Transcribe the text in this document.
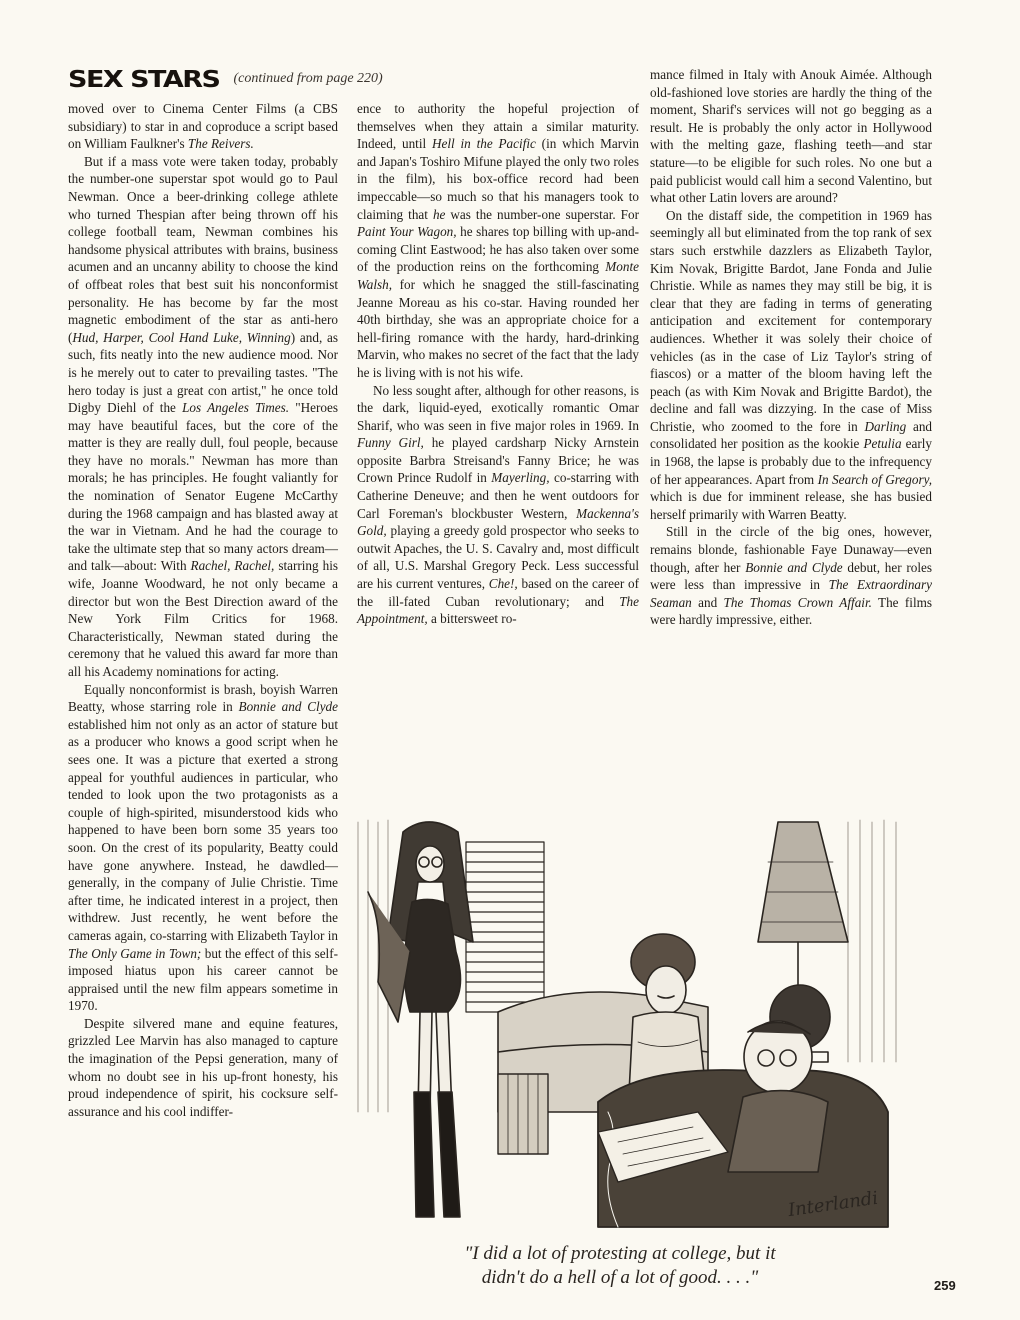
SEX STARS (continued from page 220)

moved over to Cinema Center Films (a CBS subsidiary) to star in and coproduce a script based on William Faulkner's The Reivers.

But if a mass vote were taken today, probably the number-one superstar spot would go to Paul Newman. Once a beer-drinking college athlete who turned Thespian after being thrown off his college football team, Newman combines his handsome physical attributes with brains, business acumen and an uncanny ability to choose the kind of offbeat roles that best suit his nonconformist personality. He has become by far the most magnetic embodiment of the star as anti-hero (Hud, Harper, Cool Hand Luke, Winning) and, as such, fits neatly into the new audience mood. Nor is he merely out to cater to prevailing tastes. "The hero today is just a great con artist," he once told Digby Diehl of the Los Angeles Times. "Heroes may have beautiful faces, but the core of the matter is they are really dull, foul people, because they have no morals." Newman has more than morals; he has principles. He fought valiantly for the nomination of Senator Eugene McCarthy during the 1968 campaign and has blasted away at the war in Vietnam. And he had the courage to take the ultimate step that so many actors dream—and talk—about: With Rachel, Rachel, starring his wife, Joanne Woodward, he not only became a director but won the Best Direction award of the New York Film Critics for 1968. Characteristically, Newman stated during the ceremony that he valued this award far more than all his Academy nominations for acting.

Equally nonconformist is brash, boyish Warren Beatty, whose starring role in Bonnie and Clyde established him not only as an actor of stature but as a producer who knows a good script when he sees one. It was a picture that exerted a strong appeal for youthful audiences in particular, who tended to look upon the two protagonists as a couple of high-spirited, misunderstood kids who happened to have been born some 35 years too soon. On the crest of its popularity, Beatty could have gone anywhere. Instead, he dawdled—generally, in the company of Julie Christie. Time after time, he indicated interest in a project, then withdrew. Just recently, he went before the cameras again, co-starring with Elizabeth Taylor in The Only Game in Town; but the effect of this self-imposed hiatus upon his career cannot be appraised until the new film appears sometime in 1970.

Despite silvered mane and equine features, grizzled Lee Marvin has also managed to capture the imagination of the Pepsi generation, many of whom no doubt see in his up-front honesty, his proud independence of spirit, his cocksure self-assurance and his cool indiffer-

ence to authority the hopeful projection of themselves when they attain a similar maturity. Indeed, until Hell in the Pacific (in which Marvin and Japan's Toshiro Mifune played the only two roles in the film), his box-office record had been impeccable—so much so that his managers took to claiming that he was the number-one superstar. For Paint Your Wagon, he shares top billing with up-and-coming Clint Eastwood; he has also taken over some of the production reins on the forthcoming Monte Walsh, for which he snagged the still-fascinating Jeanne Moreau as his co-star. Having rounded her 40th birthday, she was an appropriate choice for a hell-firing romance with the hardy, hard-drinking Marvin, who makes no secret of the fact that the lady he is living with is not his wife.

No less sought after, although for other reasons, is the dark, liquid-eyed, exotically romantic Omar Sharif, who was seen in five major roles in 1969. In Funny Girl, he played cardsharp Nicky Arnstein opposite Barbra Streisand's Fanny Brice; he was Crown Prince Rudolf in Mayerling, co-starring with Catherine Deneuve; and then he went outdoors for Carl Foreman's blockbuster Western, Mackenna's Gold, playing a greedy gold prospector who seeks to outwit Apaches, the U. S. Cavalry and, most difficult of all, U.S. Marshal Gregory Peck. Less successful are his current ventures, Che!, based on the career of the ill-fated Cuban revolutionary; and The Appointment, a bittersweet ro-

mance filmed in Italy with Anouk Aimée. Although old-fashioned love stories are hardly the thing of the moment, Sharif's services will not go begging as a result. He is probably the only actor in Hollywood with the melting gaze, flashing teeth—and star stature—to be eligible for such roles. No one but a paid publicist would call him a second Valentino, but what other Latin lovers are around?

On the distaff side, the competition in 1969 has seemingly all but eliminated from the top rank of sex stars such erstwhile dazzlers as Elizabeth Taylor, Kim Novak, Brigitte Bardot, Jane Fonda and Julie Christie. While as names they may still be big, it is clear that they are fading in terms of generating anticipation and excitement for contemporary audiences. Whether it was solely their choice of vehicles (as in the case of Liz Taylor's string of fiascos) or a matter of the bloom having left the peach (as with Kim Novak and Brigitte Bardot), the decline and fall was dizzying. In the case of Miss Christie, who zoomed to the fore in Darling and consolidated her position as the kookie Petulia early in 1968, the lapse is probably due to the infrequency of her appearances. Apart from In Search of Gregory, which is due for imminent release, she has busied herself primarily with Warren Beatty.

Still in the circle of the big ones, however, remains blonde, fashionable Faye Dunaway—even though, after her Bonnie and Clyde debut, her roles were less than impressive in The Extraordinary Seaman and The Thomas Crown Affair. The films were hardly impressive, either.

Interlandi
"I did a lot of protesting at college, but it
didn't do a hell of a lot of good. . . ."	259
